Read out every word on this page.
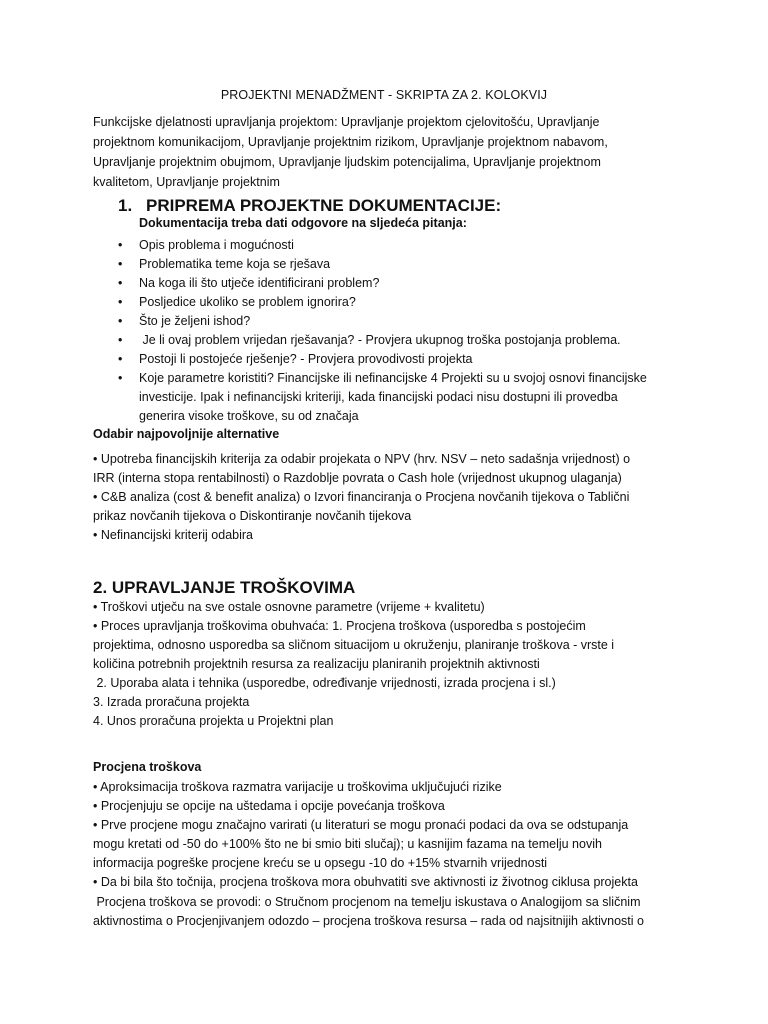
PROJEKTNI MENADŽMENT - SKRIPTA ZA 2. KOLOKVIJ
Funkcijske djelatnosti upravljanja projektom: Upravljanje projektom cjelovitošću, Upravljanje
projektnom komunikacijom, Upravljanje projektnim rizikom, Upravljanje projektnom nabavom,
Upravljanje projektnim obujmom, Upravljanje ljudskim potencijalima, Upravljanje projektnom
kvalitetom, Upravljanje projektnim
1. PRIPREMA PROJEKTNE DOKUMENTACIJE:
Dokumentacija treba dati odgovore na sljedeća pitanja:
•	Opis problema i mogućnosti
•	Problematika teme koja se rješava
•	Na koga ili što utječe identificirani problem?
•	Posljedice ukoliko se problem ignorira?
•	Što je željeni ishod?
•	Je li ovaj problem vrijedan rješavanja? - Provjera ukupnog troška postojanja problema.
•	Postoji li postojeće rješenje? - Provjera provodivosti projekta
•	Koje parametre koristiti? Financijske ili nefinancijske 4 Projekti su u svojoj osnovi financijske
investicije. Ipak i nefinancijski kriteriji, kada financijski podaci nisu dostupni ili provedba
generira visoke troškove, su od značaja
Odabir najpovoljnije alternative
• Upotreba financijskih kriterija za odabir projekata o NPV (hrv. NSV – neto sadašnja vrijednost) o
IRR (interna stopa rentabilnosti) o Razdoblje povrata o Cash hole (vrijednost ukupnog ulaganja)
• C&B analiza (cost & benefit analiza) o Izvori financiranja o Procjena novčanih tijekova o Tablični
prikaz novčanih tijekova o Diskontiranje novčanih tijekova
• Nefinancijski kriterij odabira
2. UPRAVLJANJE TROŠKOVIMA
• Troškovi utječu na sve ostale osnovne parametre (vrijeme + kvalitetu)
• Proces upravljanja troškovima obuhvaća: 1. Procjena troškova (usporedba s postojećim
projektima, odnosno usporedba sa sličnom situacijom u okruženju, planiranje troškova - vrste i
količina potrebnih projektnih resursa za realizaciju planiranih projektnih aktivnosti
2. Uporaba alata i tehnika (usporedbe, određivanje vrijednosti, izrada procjena i sl.)
3. Izrada proračuna projekta
4. Unos proračuna projekta u Projektni plan
Procjena troškova
• Aproksimacija troškova razmatra varijacije u troškovima uključujući rizike
• Procjenjuju se opcije na uštedama i opcije povećanja troškova
• Prve procjene mogu značajno varirati (u literaturi se mogu pronaći podaci da ova se odstupanja
mogu kretati od -50 do +100% što ne bi smio biti slučaj); u kasnijim fazama na temelju novih
informacija pogreške procjene kreću se u opsegu -10 do +15% stvarnih vrijednosti
• Da bi bila što točnija, procjena troškova mora obuhvatiti sve aktivnosti iz životnog ciklusa projekta
Procjena troškova se provodi: o Stručnom procjenom na temelju iskustava o Analogijom sa sličnim
aktivnostima o Procjenjivanjem odozdo – procjena troškova resursa – rada od najsitnijih aktivnosti o
